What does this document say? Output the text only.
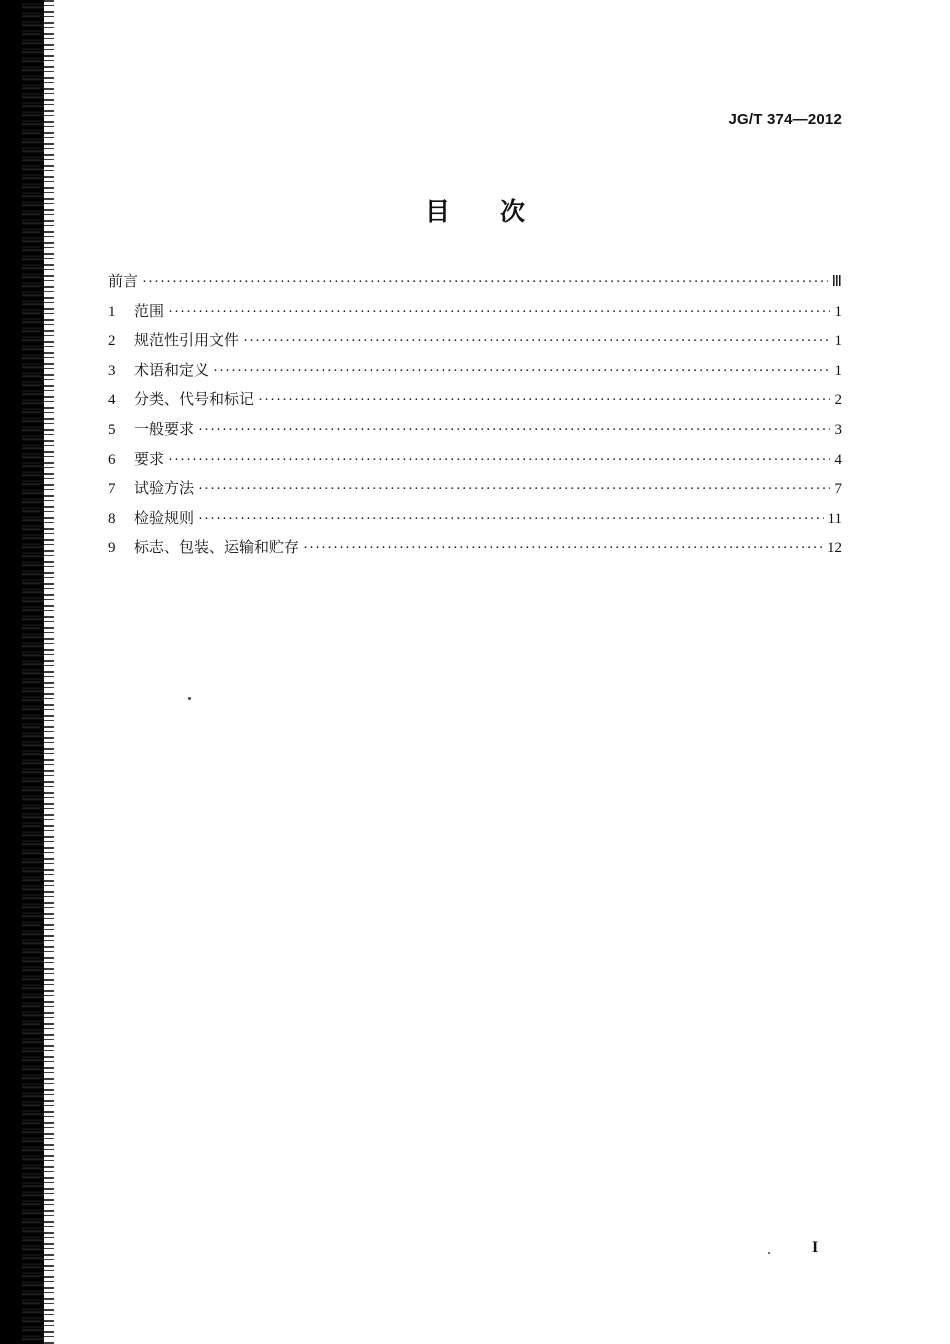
JG/T 374—2012
目 次
前言 ·····	Ⅲ
1	范围 ·····	1
2	规范性引用文件 ·····	1
3	术语和定义 ·····	1
4	分类、代号和标记 ·····	2
5	一般要求 ·····	3
6	要求 ·····	4
7	试验方法 ·····	7
8	检验规则 ·····	11
9	标志、包装、运输和贮存 ·····	12
I
